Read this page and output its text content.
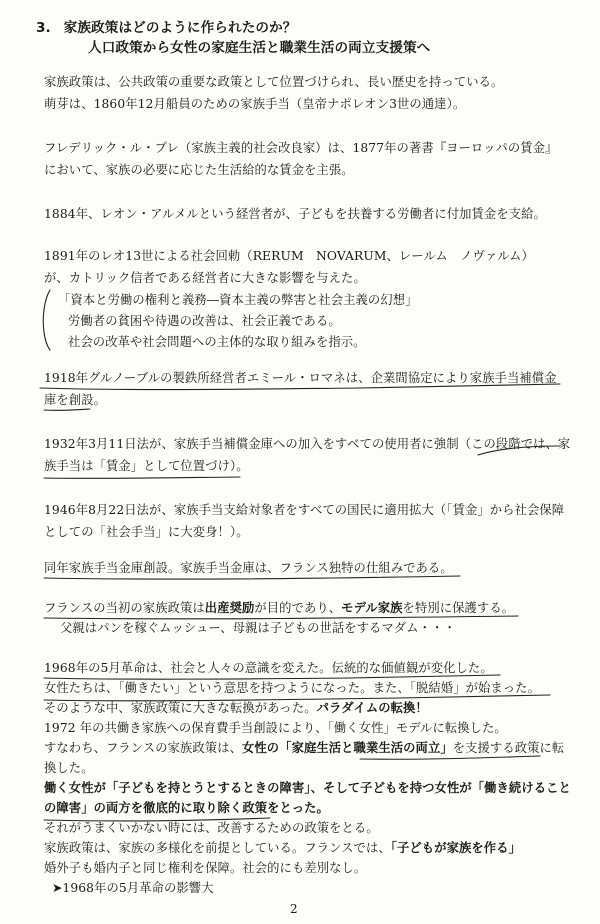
3. 家族政策はどのように作られたのか？
人口政策から女性の家庭生活と職業生活の両立支援策へ
家族政策は、公共政策の重要な政策として位置づけられ、長い歴史を持っている。
萌芽は、1860年12月船員のための家族手当（皇帝ナポレオン3世の通達）。
フレデリック・ル・プレ（家族主義的社会改良家）は、1877年の著書『ヨーロッパの賃金』
において、家族の必要に応じた生活給的な賃金を主張。
1884年、レオン・アルメルという経営者が、子どもを扶養する労働者に付加賃金を支給。
1891年のレオ13世による社会回勅（RERUM　NOVARUM、レールム　ノヴァルム）
が、カトリック信者である経営者に大きな影響を与えた。
「資本と労働の権利と義務―資本主義の弊害と社会主義の幻想」
労働者の貧困や待遇の改善は、社会正義である。
社会の改革や社会問題への主体的な取り組みを指示。
1918年グルノーブルの製鉄所経営者エミール・ロマネは、企業間協定により家族手当補償金
庫を創設。
1932年3月11日法が、家族手当補償金庫への加入をすべての使用者に強制（この段階では、家
族手当は「賃金」として位置づけ）。
1946年8月22日法が、家族手当支給対象者をすべての国民に適用拡大（「賃金」から社会保障
としての「社会手当」に大変身！）。
同年家族手当金庫創設。家族手当金庫は、フランス独特の仕組みである。
フランスの当初の家族政策は出産奨励が目的であり、モデル家族を特別に保護する。
父親はパンを稼ぐムッシュー、母親は子どもの世話をするマダム・・・
1968年の5月革命は、社会と人々の意識を変えた。伝統的な価値観が変化した。
女性たちは、「働きたい」という意思を持つようになった。また、「脱結婚」が始まった。
そのような中、家族政策に大きな転換があった。パラダイムの転換！
1972 年の共働き家族への保育費手当創設により、「働く女性」モデルに転換した。
すなわち、フランスの家族政策は、女性の「家庭生活と職業生活の両立」を支援する政策に転
換した。
働く女性が「子どもを持とうとするときの障害」、そして子どもを持つ女性が「働き続けること
の障害」の両方を徹底的に取り除く政策をとった。
それがうまくいかない時には、改善するための政策をとる。
家族政策は、家族の多様化を前提としている。フランスでは、「子どもが家族を作る」
婚外子も婚内子と同じ権利を保障。社会的にも差別なし。
➤1968年の5月革命の影響大
2
